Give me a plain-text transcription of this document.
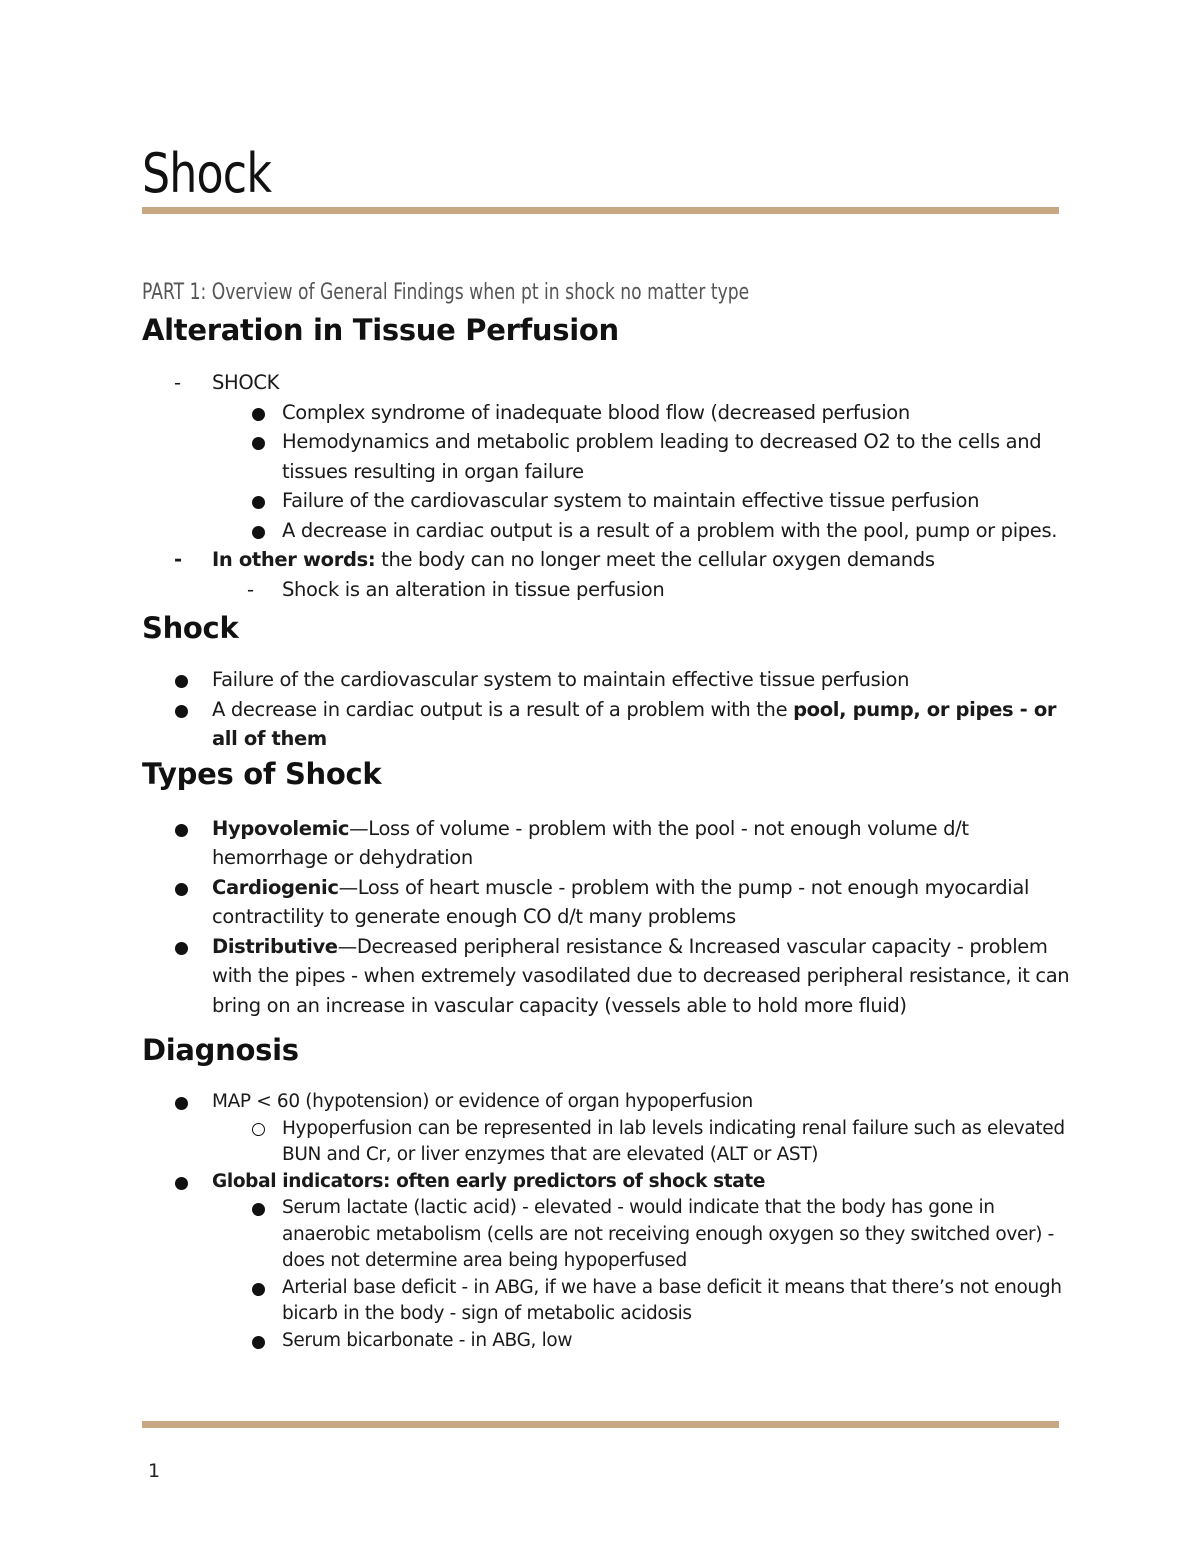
Shock
PART 1: Overview of General Findings when pt in shock no matter type
Alteration in Tissue Perfusion
- SHOCK
Complex syndrome of inadequate blood flow (decreased perfusion
Hemodynamics and metabolic problem leading to decreased O2 to the cells and tissues resulting in organ failure
Failure of the cardiovascular system to maintain effective tissue perfusion
A decrease in cardiac output is a result of a problem with the pool, pump or pipes.
- In other words: the body can no longer meet the cellular oxygen demands
- Shock is an alteration in tissue perfusion
Shock
Failure of the cardiovascular system to maintain effective tissue perfusion
A decrease in cardiac output is a result of a problem with the pool, pump, or pipes - or all of them
Types of Shock
Hypovolemic—Loss of volume - problem with the pool - not enough volume d/t hemorrhage or dehydration
Cardiogenic—Loss of heart muscle - problem with the pump - not enough myocardial contractility to generate enough CO d/t many problems
Distributive—Decreased peripheral resistance & Increased vascular capacity - problem with the pipes - when extremely vasodilated due to decreased peripheral resistance, it can bring on an increase in vascular capacity (vessels able to hold more fluid)
Diagnosis
MAP < 60 (hypotension) or evidence of organ hypoperfusion
Hypoperfusion can be represented in lab levels indicating renal failure such as elevated BUN and Cr, or liver enzymes that are elevated (ALT or AST)
Global indicators: often early predictors of shock state
Serum lactate (lactic acid) - elevated - would indicate that the body has gone in anaerobic metabolism (cells are not receiving enough oxygen so they switched over) - does not determine area being hypoperfused
Arterial base deficit - in ABG, if we have a base deficit it means that there’s not enough bicarb in the body - sign of metabolic acidosis
Serum bicarbonate - in ABG, low
1
